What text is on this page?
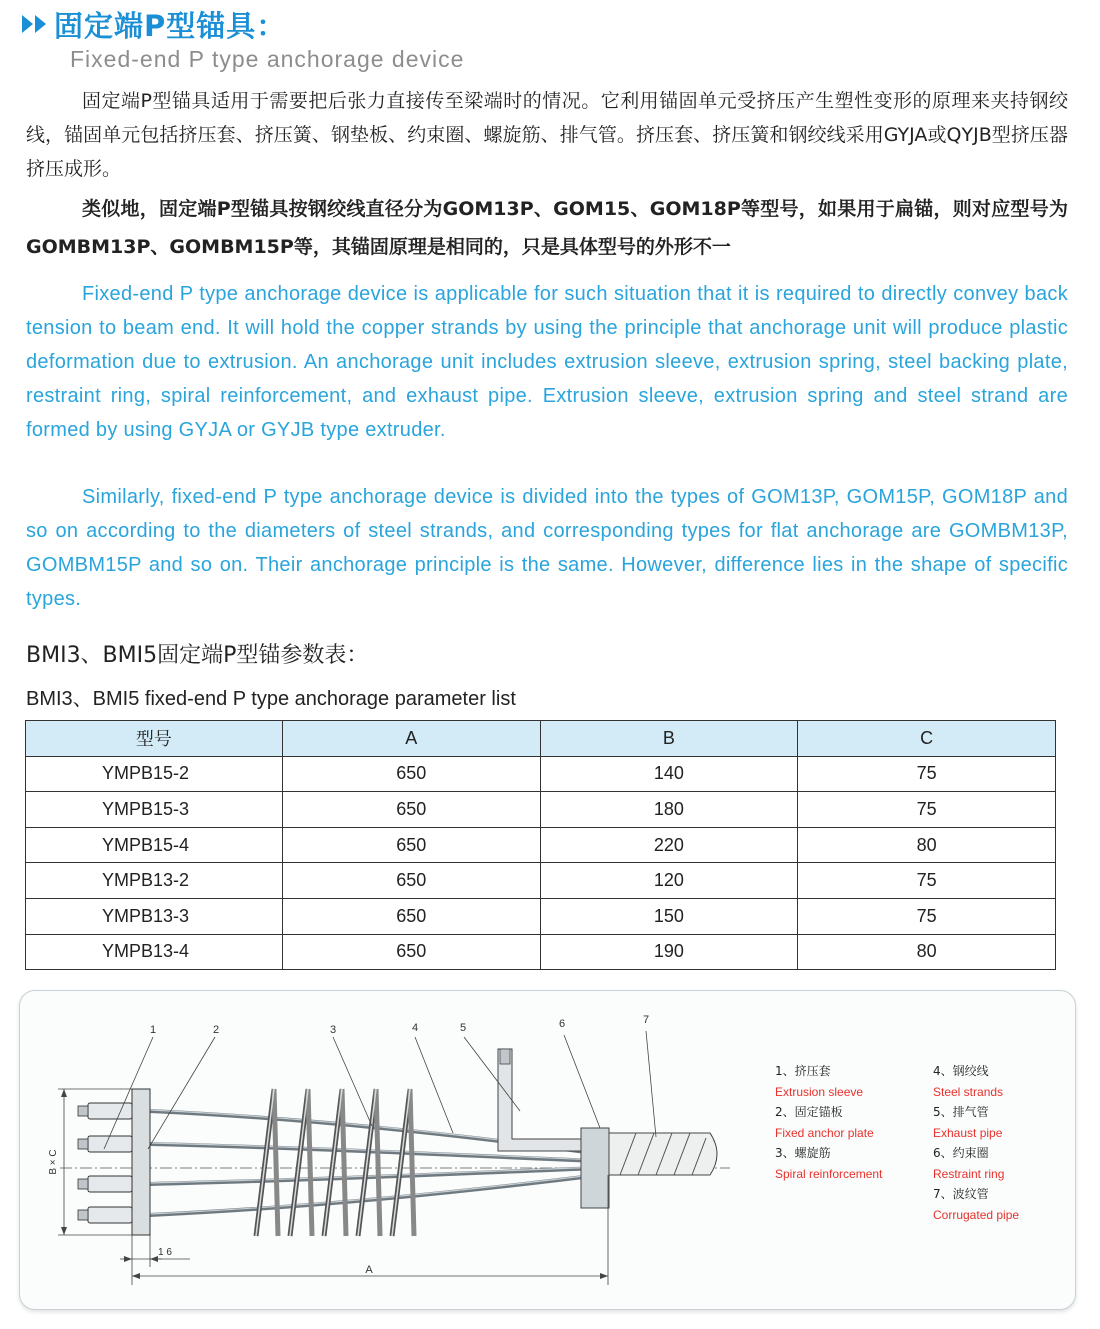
固定端P型锚具：
Fixed-end P type anchorage device

固定端P型锚具适用于需要把后张力直接传至梁端时的情况。它利用锚固单元受挤压产生塑性变形的原理来夹持钢绞线，锚固单元包括挤压套、挤压簧、钢垫板、约束圈、螺旋筋、排气管。挤压套、挤压簧和钢绞线采用GYJA或QYJB型挤压器挤压成形。

类似地，固定端P型锚具按钢绞线直径分为GOM13P、GOM15、GOM18P等型号，如果用于扁锚，则对应型号为GOMBM13P、GOMBM15P等，其锚固原理是相同的，只是具体型号的外形不一

Fixed-end P type anchorage device is applicable for such situation that it is required to directly convey back tension to beam end. It will hold the copper strands by using the principle that anchorage unit will produce plastic deformation due to extrusion. An anchorage unit includes extrusion sleeve, extrusion spring, steel backing plate, restraint ring, spiral reinforcement, and exhaust pipe. Extrusion sleeve, extrusion spring and steel strand are formed by using GYJA or GYJB type extruder.

Similarly, fixed-end P type anchorage device is divided into the types of GOM13P, GOM15P, GOM18P and so on according to the diameters of steel strands, and corresponding types for flat anchorage are GOMBM13P, GOMBM15P and so on. Their anchorage principle is the same. However, difference lies in the shape of specific types.

BMI3、BMI5固定端P型锚参数表：
BMI3、BMI5 fixed-end P type anchorage parameter list
型号	A	B	C
YMPB15-2	650	140	75
YMPB15-3	650	180	75
YMPB15-4	650	220	80
YMPB13-2	650	120	75
YMPB13-3	650	150	75
YMPB13-4	650	190	80
A
1 6
B × C
1	2	3	4	5	6	7
1、挤压套
Extrusion sleeve
2、固定锚板
Fixed anchor plate
3、螺旋筋
Spiral reinforcement
4、钢绞线
Steel strands
5、排气管
Exhaust pipe
6、约束圈
Restraint ring
7、波纹管
Corrugated pipe
